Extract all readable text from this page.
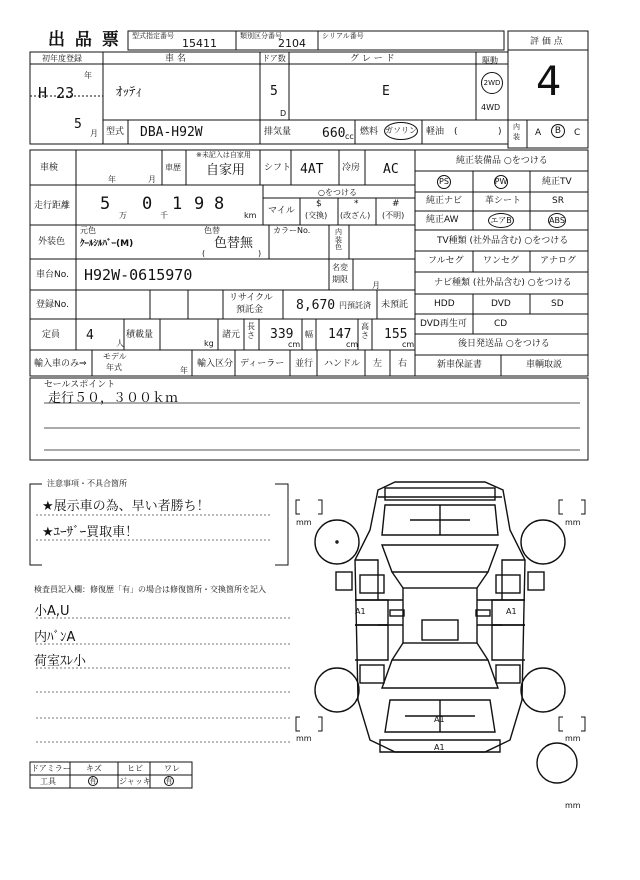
出 品 票 型式指定番号
15411
類別区分番号
2104
シリアル番号
評 価 点
4
初年度登録
年
H 23
5
月
車 名
ｵｯﾃｨ
ドア数
5
D
グ レ ー ド
E
駆動
2WD
4WD
型式 DBA-H92W	排気量 660 cc 燃料 ガソリン 軽油 (	) 内
装 A	B	C
車検
年	月
車歴
※未記入は自家用
自家用 シフト 4AT 冷房 AC
走行距離 5
万
0
千
1 9 8
km
○をつける
マイル
$
(交換)
*
(改ざん)
#
(不明)
外装色
元色
ｸｰﾙｼﾙﾊﾞｰ(M)
色替
色替無
(	)
カラーNo.	内装色
車台No. H92W-0615970	名変
期限
月
登録No.
リサイクル
預託金	8,670 円預託済 未預託
定員 4
人
積載量
kg
諸元
長さ 339
cm
幅 147
cm
高さ 155
cm
輸入車のみ⇒
モデル
年式	年
輸入区分 ディーラー 並行 ハンドル 左 右
純正装備品 ○をつける
PS	PW	純正TV
純正ナビ	革シート	SR
純正AW	エアB	ABS
TV種類 (社外品含む) ○をつける
フルセグ ワンセグ アナログ
ナビ種類 (社外品含む) ○をつける
HDD	DVD	SD
DVD再生可	CD
後日発送品 ○をつける
新車保証書	車輌取説
セールスポイント
走行５０，３００ｋｍ
注意事項・不具合箇所
★展示車の為、早い者勝ち！
★ﾕｰｻﾞｰ買取車！
検査員記入欄：修復歴「有」の場合は修復箇所・交換箇所を記入
小A,U
内ﾊﾞﾝA
荷室ｽﾚ小
ドアミラー キズ	ヒビ	ワレ
工具	有	ジャッキ 有
mm	mm
mm	mm
mm
A1	A1
A1
A1
